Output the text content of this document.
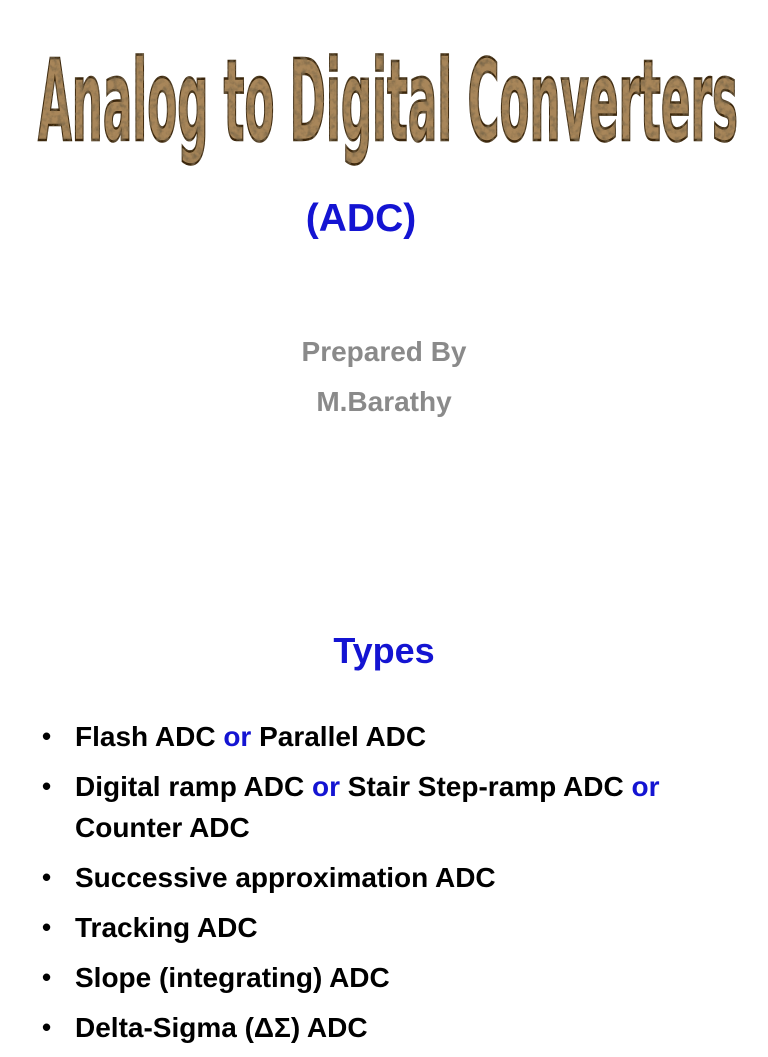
Analog to Digital Converters
(ADC)
Prepared By
M.Barathy
Types
• Flash ADC or Parallel ADC
• Digital ramp ADC or Stair Step-ramp ADC or Counter ADC
• Successive approximation ADC
• Tracking ADC
• Slope (integrating) ADC
• Delta-Sigma (ΔΣ) ADC
